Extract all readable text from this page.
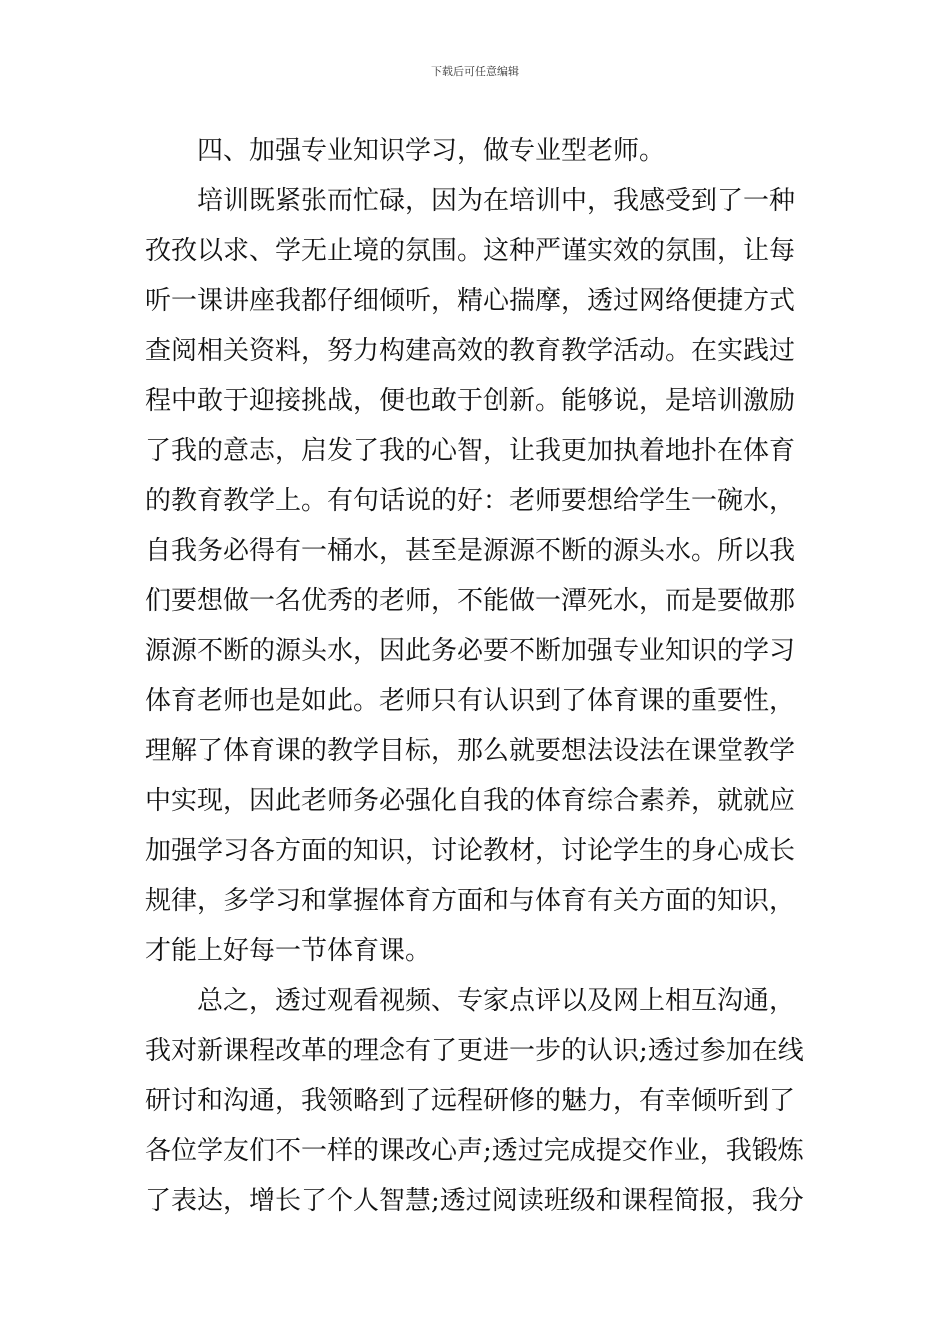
下载后可任意编辑
四、加强专业知识学习，做专业型老师。
培训既紧张而忙碌，因为在培训中，我感受到了一种
孜孜以求、学无止境的氛围。这种严谨实效的氛围，让每
听一课讲座我都仔细倾听，精心揣摩，透过网络便捷方式
查阅相关资料，努力构建高效的教育教学活动。在实践过
程中敢于迎接挑战，便也敢于创新。能够说，是培训激励
了我的意志，启发了我的心智，让我更加执着地扑在体育
的教育教学上。有句话说的好：老师要想给学生一碗水，
自我务必得有一桶水，甚至是源源不断的源头水。所以我
们要想做一名优秀的老师，不能做一潭死水，而是要做那
源源不断的源头水，因此务必要不断加强专业知识的学习
体育老师也是如此。老师只有认识到了体育课的重要性，
理解了体育课的教学目标，那么就要想法设法在课堂教学
中实现，因此老师务必强化自我的体育综合素养，就就应
加强学习各方面的知识，讨论教材，讨论学生的身心成长
规律，多学习和掌握体育方面和与体育有关方面的知识，
才能上好每一节体育课。
总之，透过观看视频、专家点评以及网上相互沟通，
我对新课程改革的理念有了更进一步的认识;透过参加在线
研讨和沟通，我领略到了远程研修的魅力，有幸倾听到了
各位学友们不一样的课改心声;透过完成提交作业，我锻炼
了表达，增长了个人智慧;透过阅读班级和课程简报，我分
